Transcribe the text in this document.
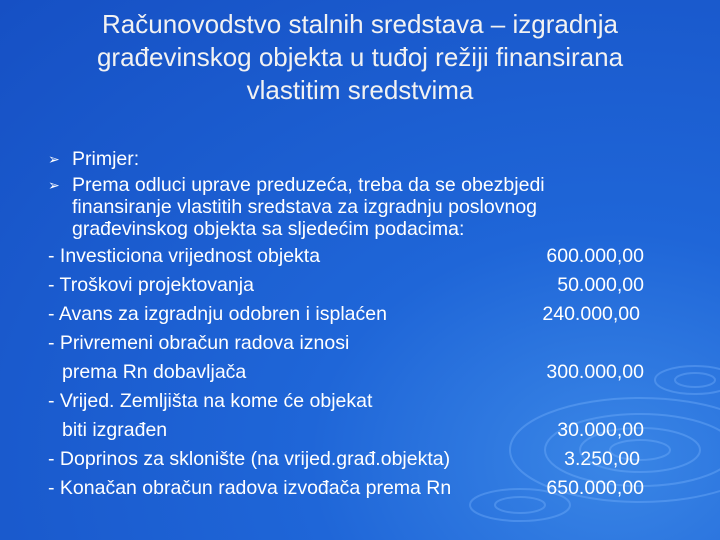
Računovodstvo stalnih sredstava – izgradnja
građevinskog objekta u tuđoj režiji finansirana
vlastitim sredstvima
➢ Primjer:
➢ Prema odluci uprave preduzeća, treba da se obezbjedi
finansiranje vlastitih sredstava za izgradnju poslovnog
građevinskog objekta sa sljedećim podacima:
- Investiciona vrijednost objekta	600.000,00
- Troškovi projektovanja	50.000,00
- Avans za izgradnju odobren i isplaćen	240.000,00
- Privremeni obračun radova iznosi
prema Rn dobavljača	300.000,00
- Vrijed. Zemljišta na kome će objekat
biti izgrađen	30.000,00
- Doprinos za sklonište (na vrijed.građ.objekta)	3.250,00
- Konačan obračun radova izvođača prema Rn	650.000,00
